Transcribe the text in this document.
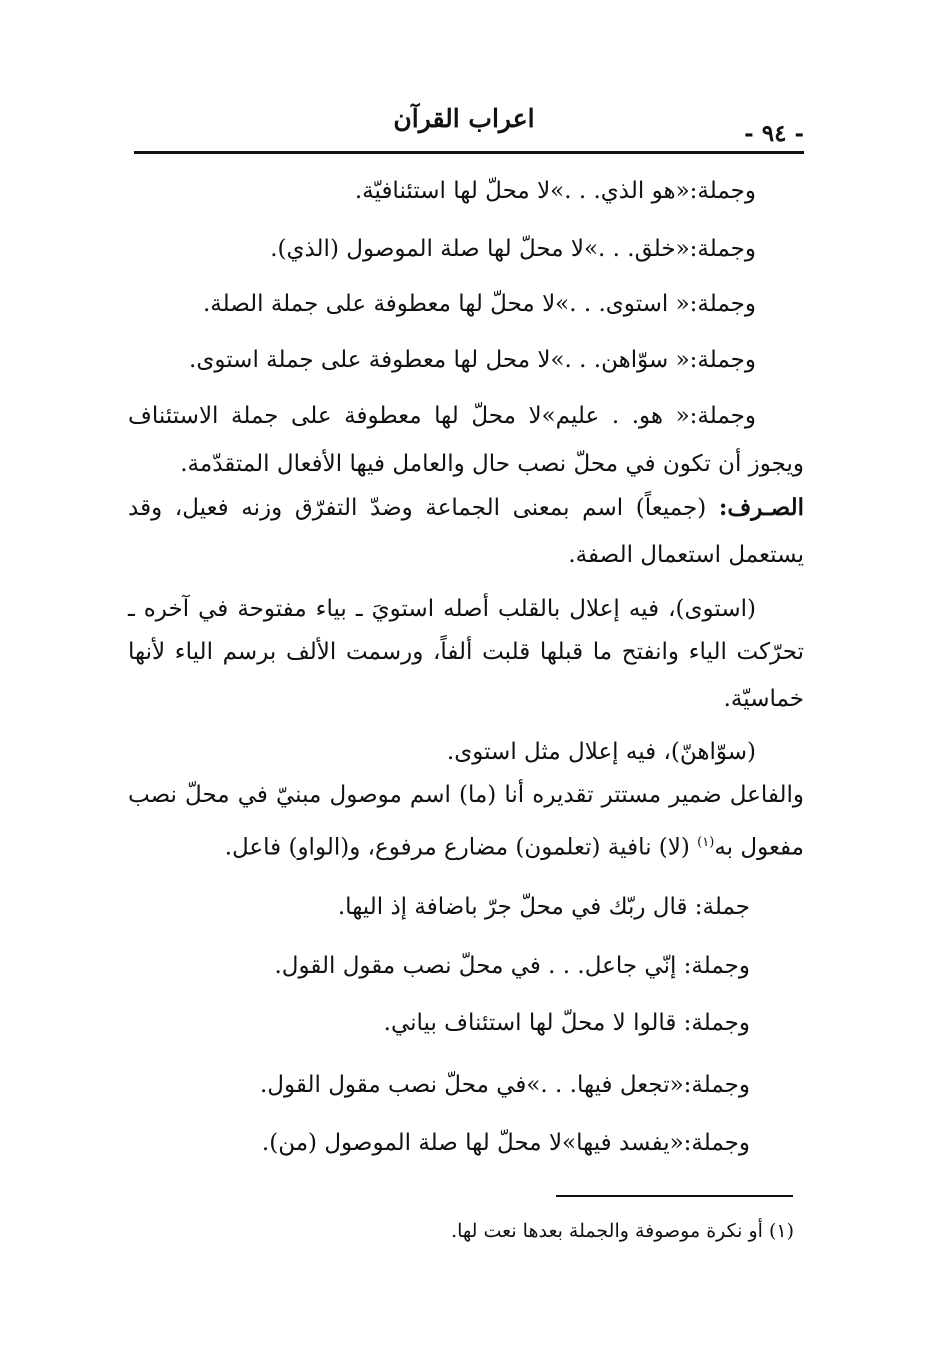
اعراب القرآن
- ٩٤ -
وجملة:«هو الذي. . .»لا محلّ لها استئنافيّة.
وجملة:«خلق. . .»لا محلّ لها صلة الموصول (الذي).
وجملة:« استوى. . .»لا محلّ لها معطوفة على جملة الصلة.
وجملة:« سوّاهن. . .»لا محل لها معطوفة على جملة استوى.
وجملة:« هو. . عليم»لا محلّ لها معطوفة على جملة الاستئناف
ويجوز أن تكون في محلّ نصب حال والعامل فيها الأفعال المتقدّمة.
الصـرف: (جميعاً) اسم بمعنى الجماعة وضدّ التفرّق وزنه فعيل، وقد
يستعمل استعمال الصفة.
(استوى)، فيه إعلال بالقلب أصله استويَ ـ بياء مفتوحة في آخره ـ
تحرّكت الياء وانفتح ما قبلها قلبت ألفاً، ورسمت الألف برسم الياء لأنها
خماسيّة.
(سوّاهنّ)، فيه إعلال مثل استوى.
والفاعل ضمير مستتر تقديره أنا (ما) اسم موصول مبنيّ في محلّ نصب
مفعول به$^{(١)}$ (لا) نافية (تعلمون) مضارع مرفوع، و(الواو) فاعل.
جملة: قال ربّك في محلّ جرّ باضافة إذ اليها.
وجملة: إنّي جاعل. . . في محلّ نصب مقول القول.
وجملة: قالوا لا محلّ لها استئناف بياني.
وجملة:«تجعل فيها. . .»في محلّ نصب مقول القول.
وجملة:«يفسد فيها»لا محلّ لها صلة الموصول (من).
(١) أو نكرة موصوفة والجملة بعدها نعت لها.
